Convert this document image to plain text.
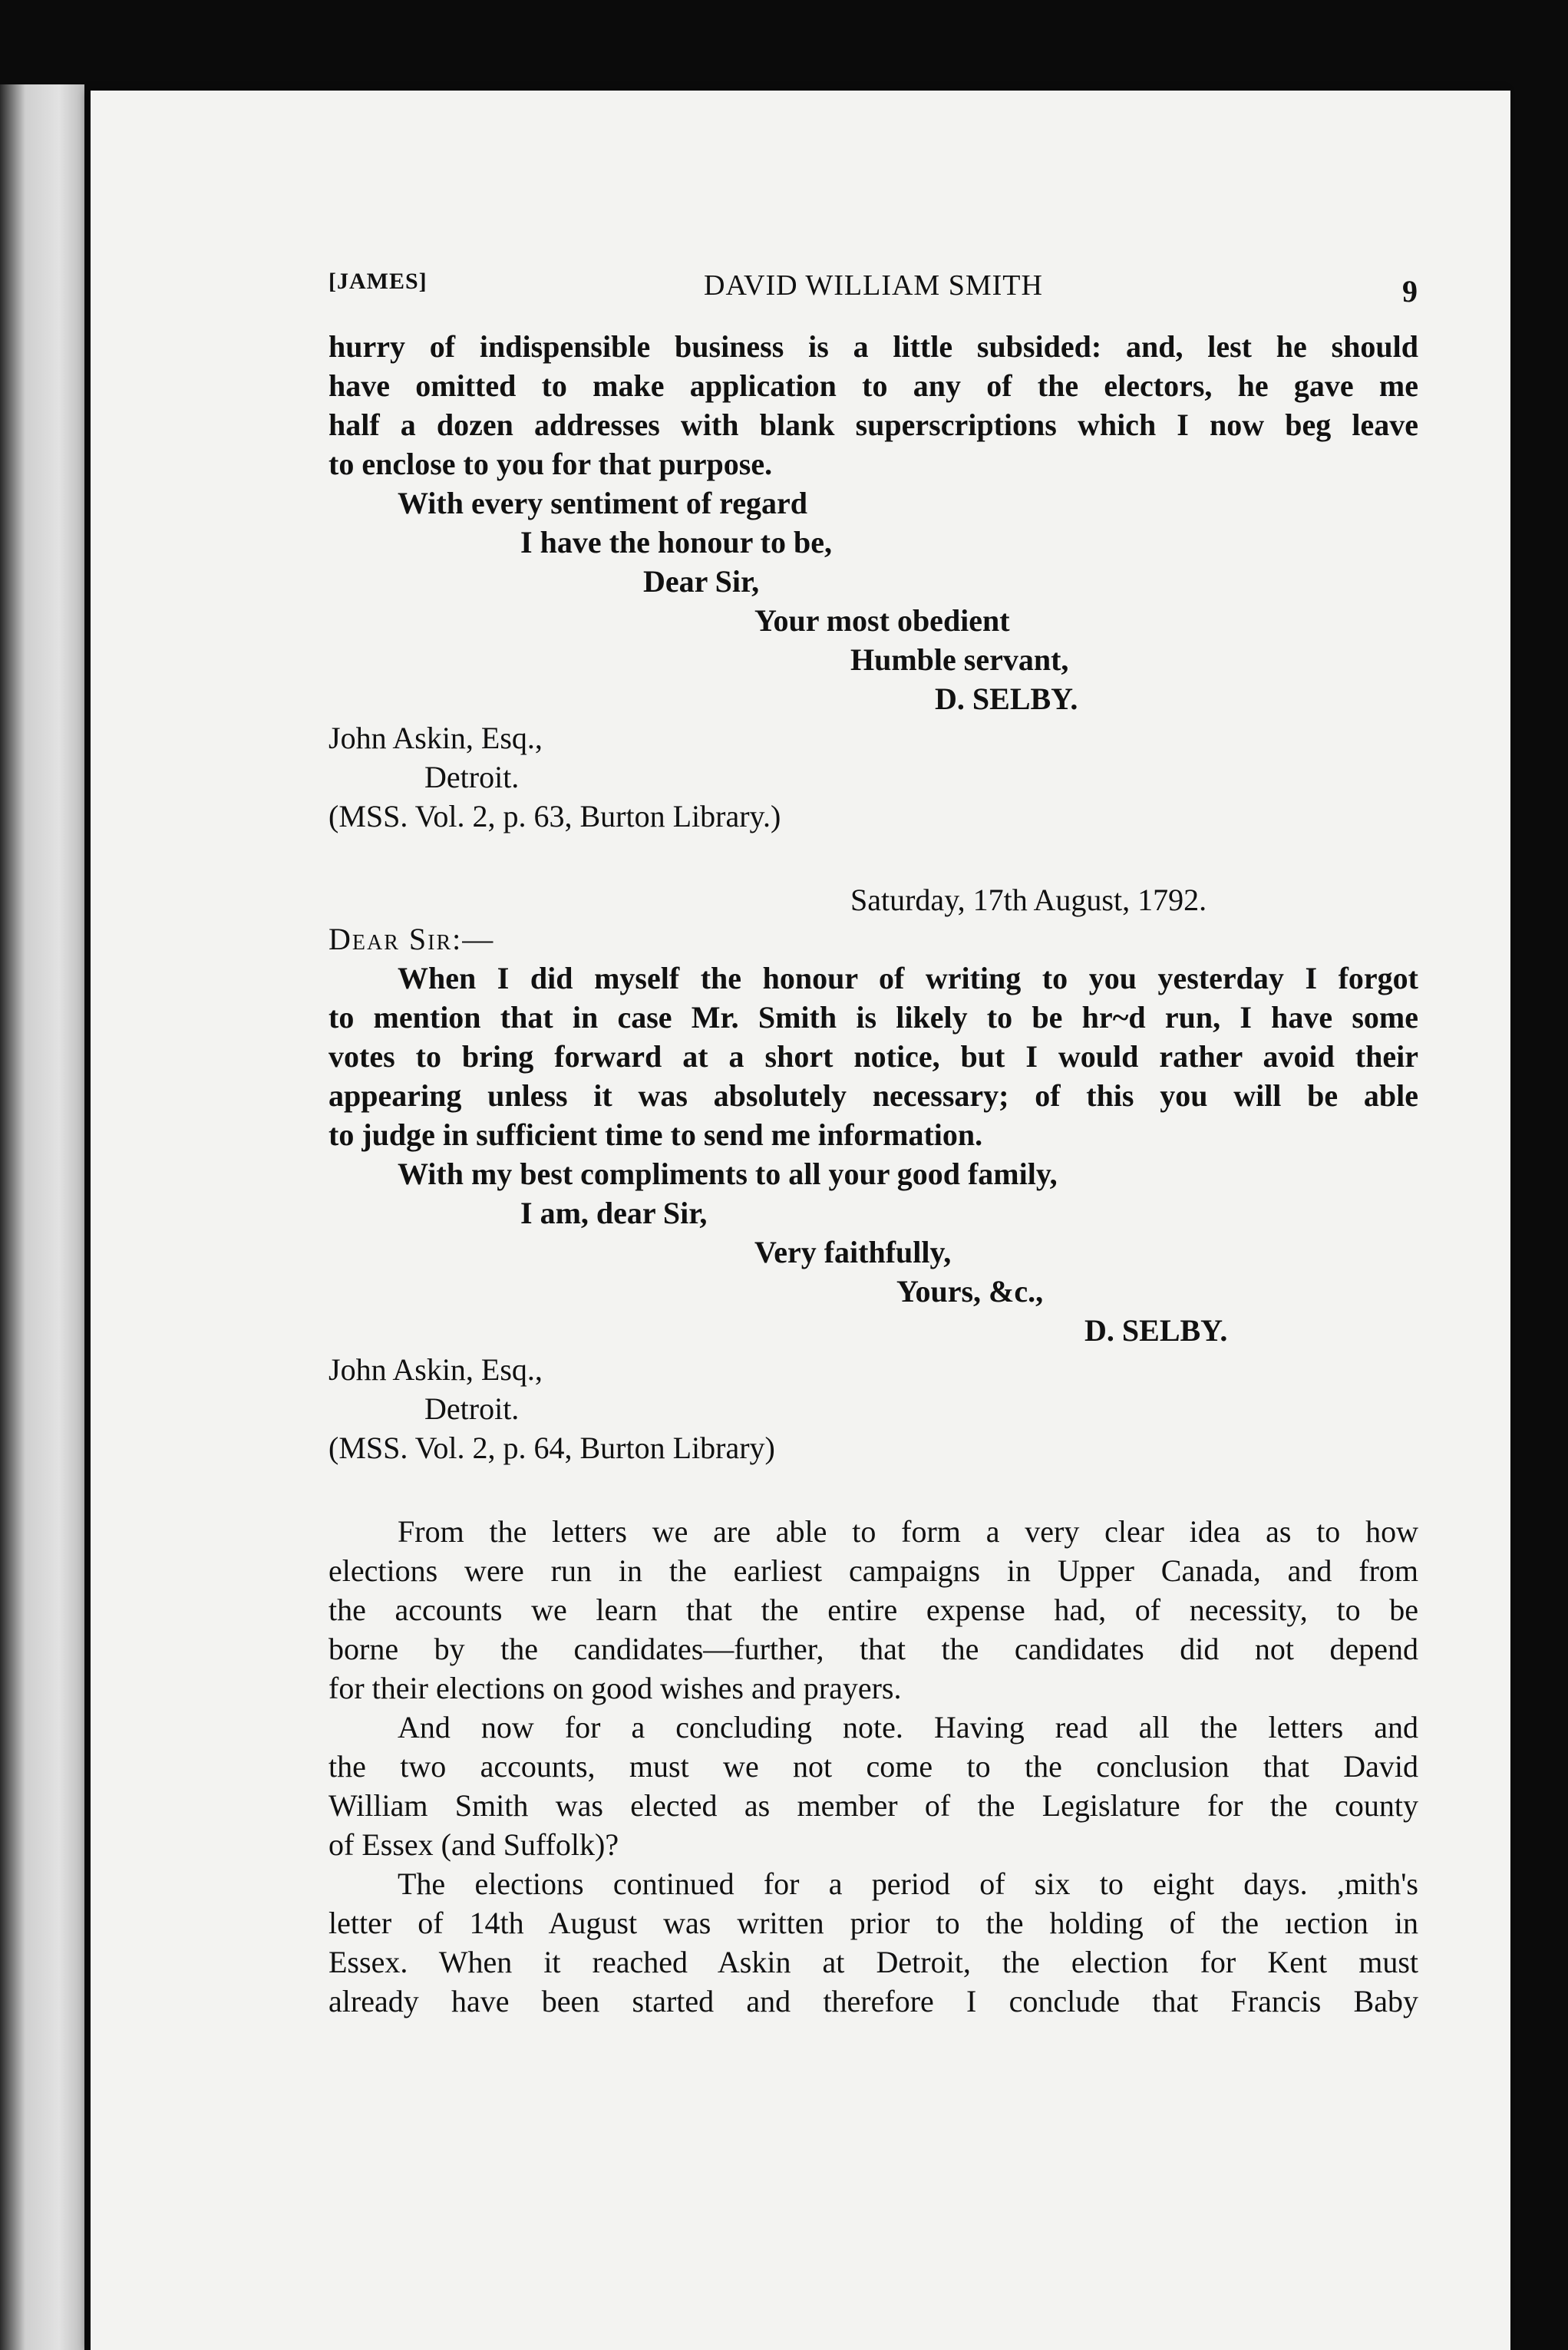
[JAMES]	DAVID WILLIAM SMITH	9
hurry of indispensible business is a little subsided: and, lest he should
have omitted to make application to any of the electors, he gave me
half a dozen addresses with blank superscriptions which I now beg leave
to enclose to you for that purpose.
With every sentiment of regard
I have the honour to be,
Dear Sir,
Your most obedient
Humble servant,
D. SELBY.
John Askin, Esq.,
Detroit.
(MSS. Vol. 2, p. 63, Burton Library.)
Saturday, 17th August, 1792.
Dear Sir:—
When I did myself the honour of writing to you yesterday I forgot
to mention that in case Mr. Smith is likely to be hr~d run, I have some
votes to bring forward at a short notice, but I would rather avoid their
appearing unless it was absolutely necessary; of this you will be able
to judge in sufficient time to send me information.
With my best compliments to all your good family,
I am, dear Sir,
Very faithfully,
Yours, &c.,
D. SELBY.
John Askin, Esq.,
Detroit.
(MSS. Vol. 2, p. 64, Burton Library)
From the letters we are able to form a very clear idea as to how
elections were run in the earliest campaigns in Upper Canada, and from
the accounts we learn that the entire expense had, of necessity, to be
borne by the candidates—further, that the candidates did not depend
for their elections on good wishes and prayers.
And now for a concluding note. Having read all the letters and
the two accounts, must we not come to the conclusion that David
William Smith was elected as member of the Legislature for the county
of Essex (and Suffolk)?
The elections continued for a period of six to eight days. ,mith's
letter of 14th August was written prior to the holding of the ıection in
Essex. When it reached Askin at Detroit, the election for Kent must
already have been started and therefore I conclude that Francis Baby
